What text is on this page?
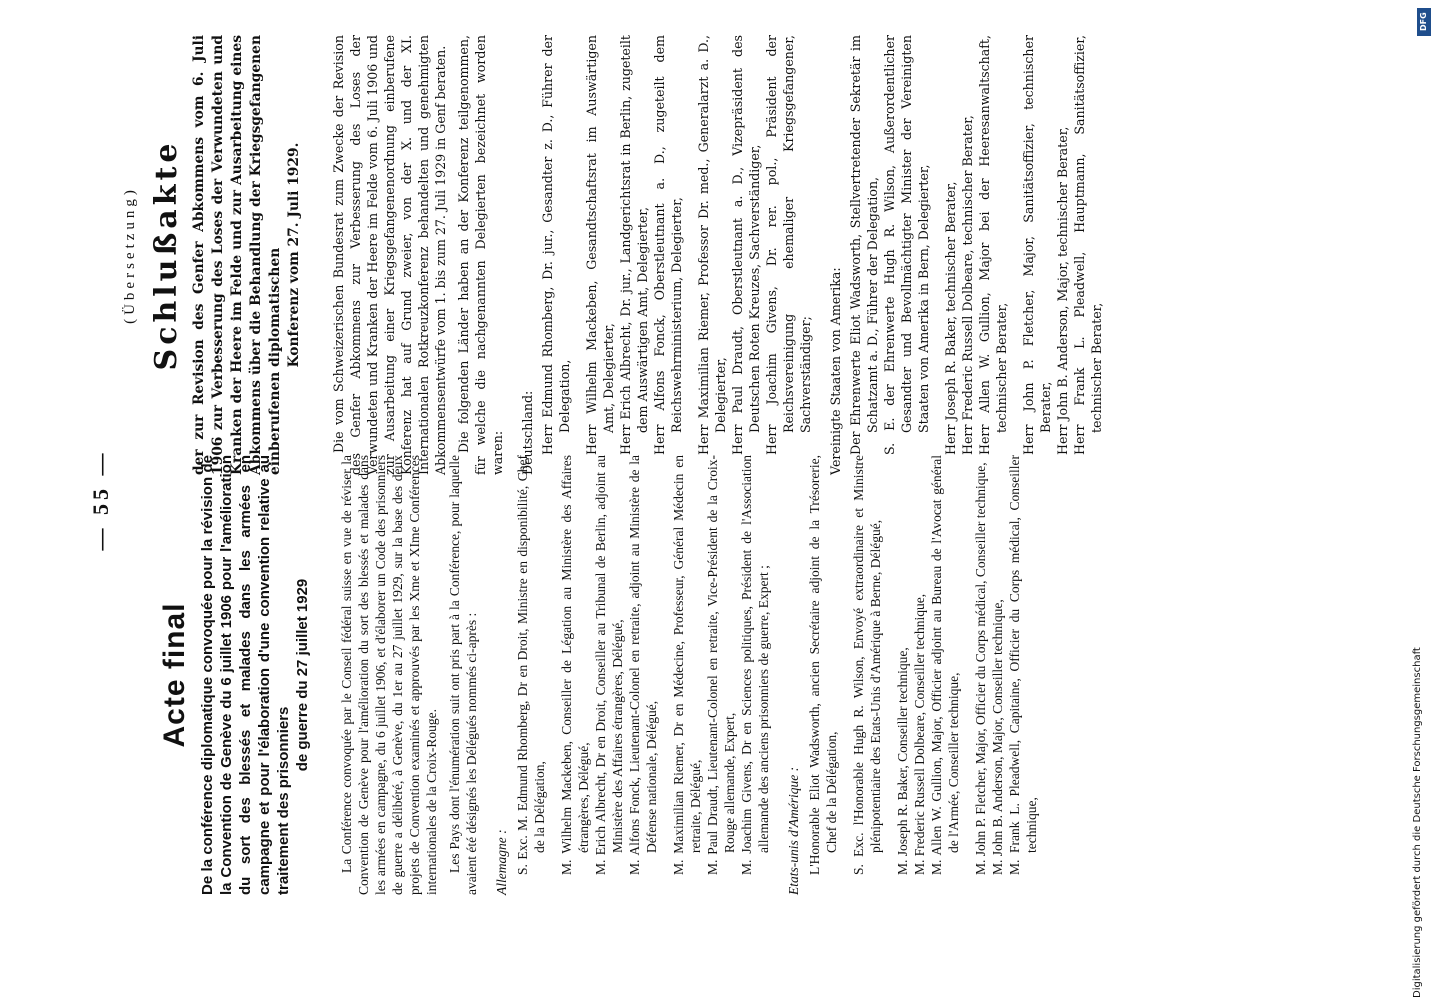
— 55 —
Acte final De la conférence diplomatique convoquée pour la révision de la Convention de Genève du 6 juillet 1906 pour l'amélioration du sort des blessés et malades dans les armées en campagne et pour l'élaboration d'une convention relative au traitement des prisonniers
de guerre du 27 juillet 1929 La Conférence convoquée par le Conseil fédéral suisse en vue de réviser la Convention de Genève pour l'amélioration du sort des blessés et malades dans les armées en campagne, du 6 juillet 1906, et d'élaborer un Code des prisonniers de guerre a délibéré, à Genève, du 1er au 27 juillet 1929, sur la base des deux projets de Convention examinés et approuvés par les Xme et XIme Conférences internationales de la Croix-Rouge. Les Pays dont l'énumération suit ont pris part à la Conférence, pour laquelle avaient été désignés les Délégués nommés ci-après : Allemagne : S. Exc. M. Edmund Rhomberg, Dr en Droit, Ministre en disponibilité, Chef de la Délégation, M. Wilhelm Mackeben, Conseiller de Légation au Ministère des Affaires étrangères, Délégué, M. Erich Albrecht, Dr en Droit, Conseiller au Tribunal de Berlin, adjoint au Ministère des Affaires étrangères, Délégué, M. Alfons Fonck, Lieutenant-Colonel en retraite, adjoint au Ministère de la Défense nationale, Délégué, M. Maximilian Riemer, Dr en Médecine, Professeur, Général Médecin en retraite, Délégué, M. Paul Draudt, Lieutenant-Colonel en retraite, Vice-Président de la Croix-Rouge allemande, Expert, M. Joachim Givens, Dr en Sciences politiques, Président de l'Association allemande des anciens prisonniers de guerre, Expert ; Etats-unis d'Amérique : L'Honorable Eliot Wadsworth, ancien Secrétaire adjoint de la Trésorerie, Chef de la Délégation, S. Exc. l'Honorable Hugh R. Wilson, Envoyé extraordinaire et Ministre plénipotentiaire des Etats-Unis d'Amérique à Berne, Délégué, M. Joseph R. Baker, Conseiller technique, M. Frederic Russell Dolbeare, Conseiller technique, M. Allen W. Gullion, Major, Officier adjoint au Bureau de l'Avocat général de l'Armée, Conseiller technique, M. John P. Fletcher, Major, Officier du Corps médical, Conseiller technique, M. John B. Anderson, Major, Conseiller technique, M. Frank L. Pleadwell, Capitaine, Officier du Corps médical, Conseiller technique,
(Übersetzung) Schlußakte der zur Revision des Genfer Abkommens vom 6. Juli 1906 zur Verbesserung des Loses der Verwundeten und Kranken der Heere im Felde und zur Ausarbeitung eines Abkommens über die Behandlung der Kriegsgefangenen einberufenen diplomatischen Konferenz vom 27. Juli 1929. Die vom Schweizerischen Bundesrat zum Zwecke der Revision des Genfer Abkommens zur Verbesserung des Loses der Verwundeten und Kranken der Heere im Felde vom 6. Juli 1906 und zur Ausarbeitung einer Kriegsgefangenenordnung einberufene Konferenz hat auf Grund zweier, von der X. und der XI. Internationalen Rotkreuzkonferenz behandelten und genehmigten Abkommensentwürfe vom 1. bis zum 27. Juli 1929 in Genf beraten. Die folgenden Länder haben an der Konferenz teilgenommen, für welche die nachgenannten Delegierten bezeichnet worden waren: Deutschland: Herr Edmund Rhomberg, Dr. jur., Gesandter z. D., Führer der Delegation, Herr Wilhelm Mackeben, Gesandtschaftsrat im Auswärtigen Amt, Delegierter, Herr Erich Albrecht, Dr. jur., Landgerichtsrat in Berlin, zugeteilt dem Auswärtigen Amt, Delegierter, Herr Alfons Fonck, Oberstleutnant a. D., zugeteilt dem Reichswehrministerium, Delegierter, Herr Maximilian Riemer, Professor Dr. med., Generalarzt a. D., Delegierter, Herr Paul Draudt, Oberstleutnant a. D., Vizepräsident des Deutschen Roten Kreuzes, Sachverständiger, Herr Joachim Givens, Dr. rer. pol., Präsident der Reichsvereinigung ehemaliger Kriegsgefangener, Sachverständiger; Vereinigte Staaten von Amerika: Der Ehrenwerte Eliot Wadsworth, Stellvertretender Sekretär im Schatzamt a. D., Führer der Delegation, S. E. der Ehrenwerte Hugh R. Wilson, Außerordentlicher Gesandter und Bevollmächtigter Minister der Vereinigten Staaten von Amerika in Bern, Delegierter, Herr Joseph R. Baker, technischer Berater, Herr Frederic Russell Dolbeare, technischer Berater, Herr Allen W. Gullion, Major bei der Heeresanwaltschaft, technischer Berater, Herr John P. Fletcher, Major, Sanitätsoffizier, technischer Berater, Herr John B. Anderson, Major, technischer Berater, Herr Frank L. Pleadwell, Hauptmann, Sanitätsoffizier, technischer Berater,
Digitalisierung gefördert durch die Deutsche Forschungsgemeinschaft
DFG
